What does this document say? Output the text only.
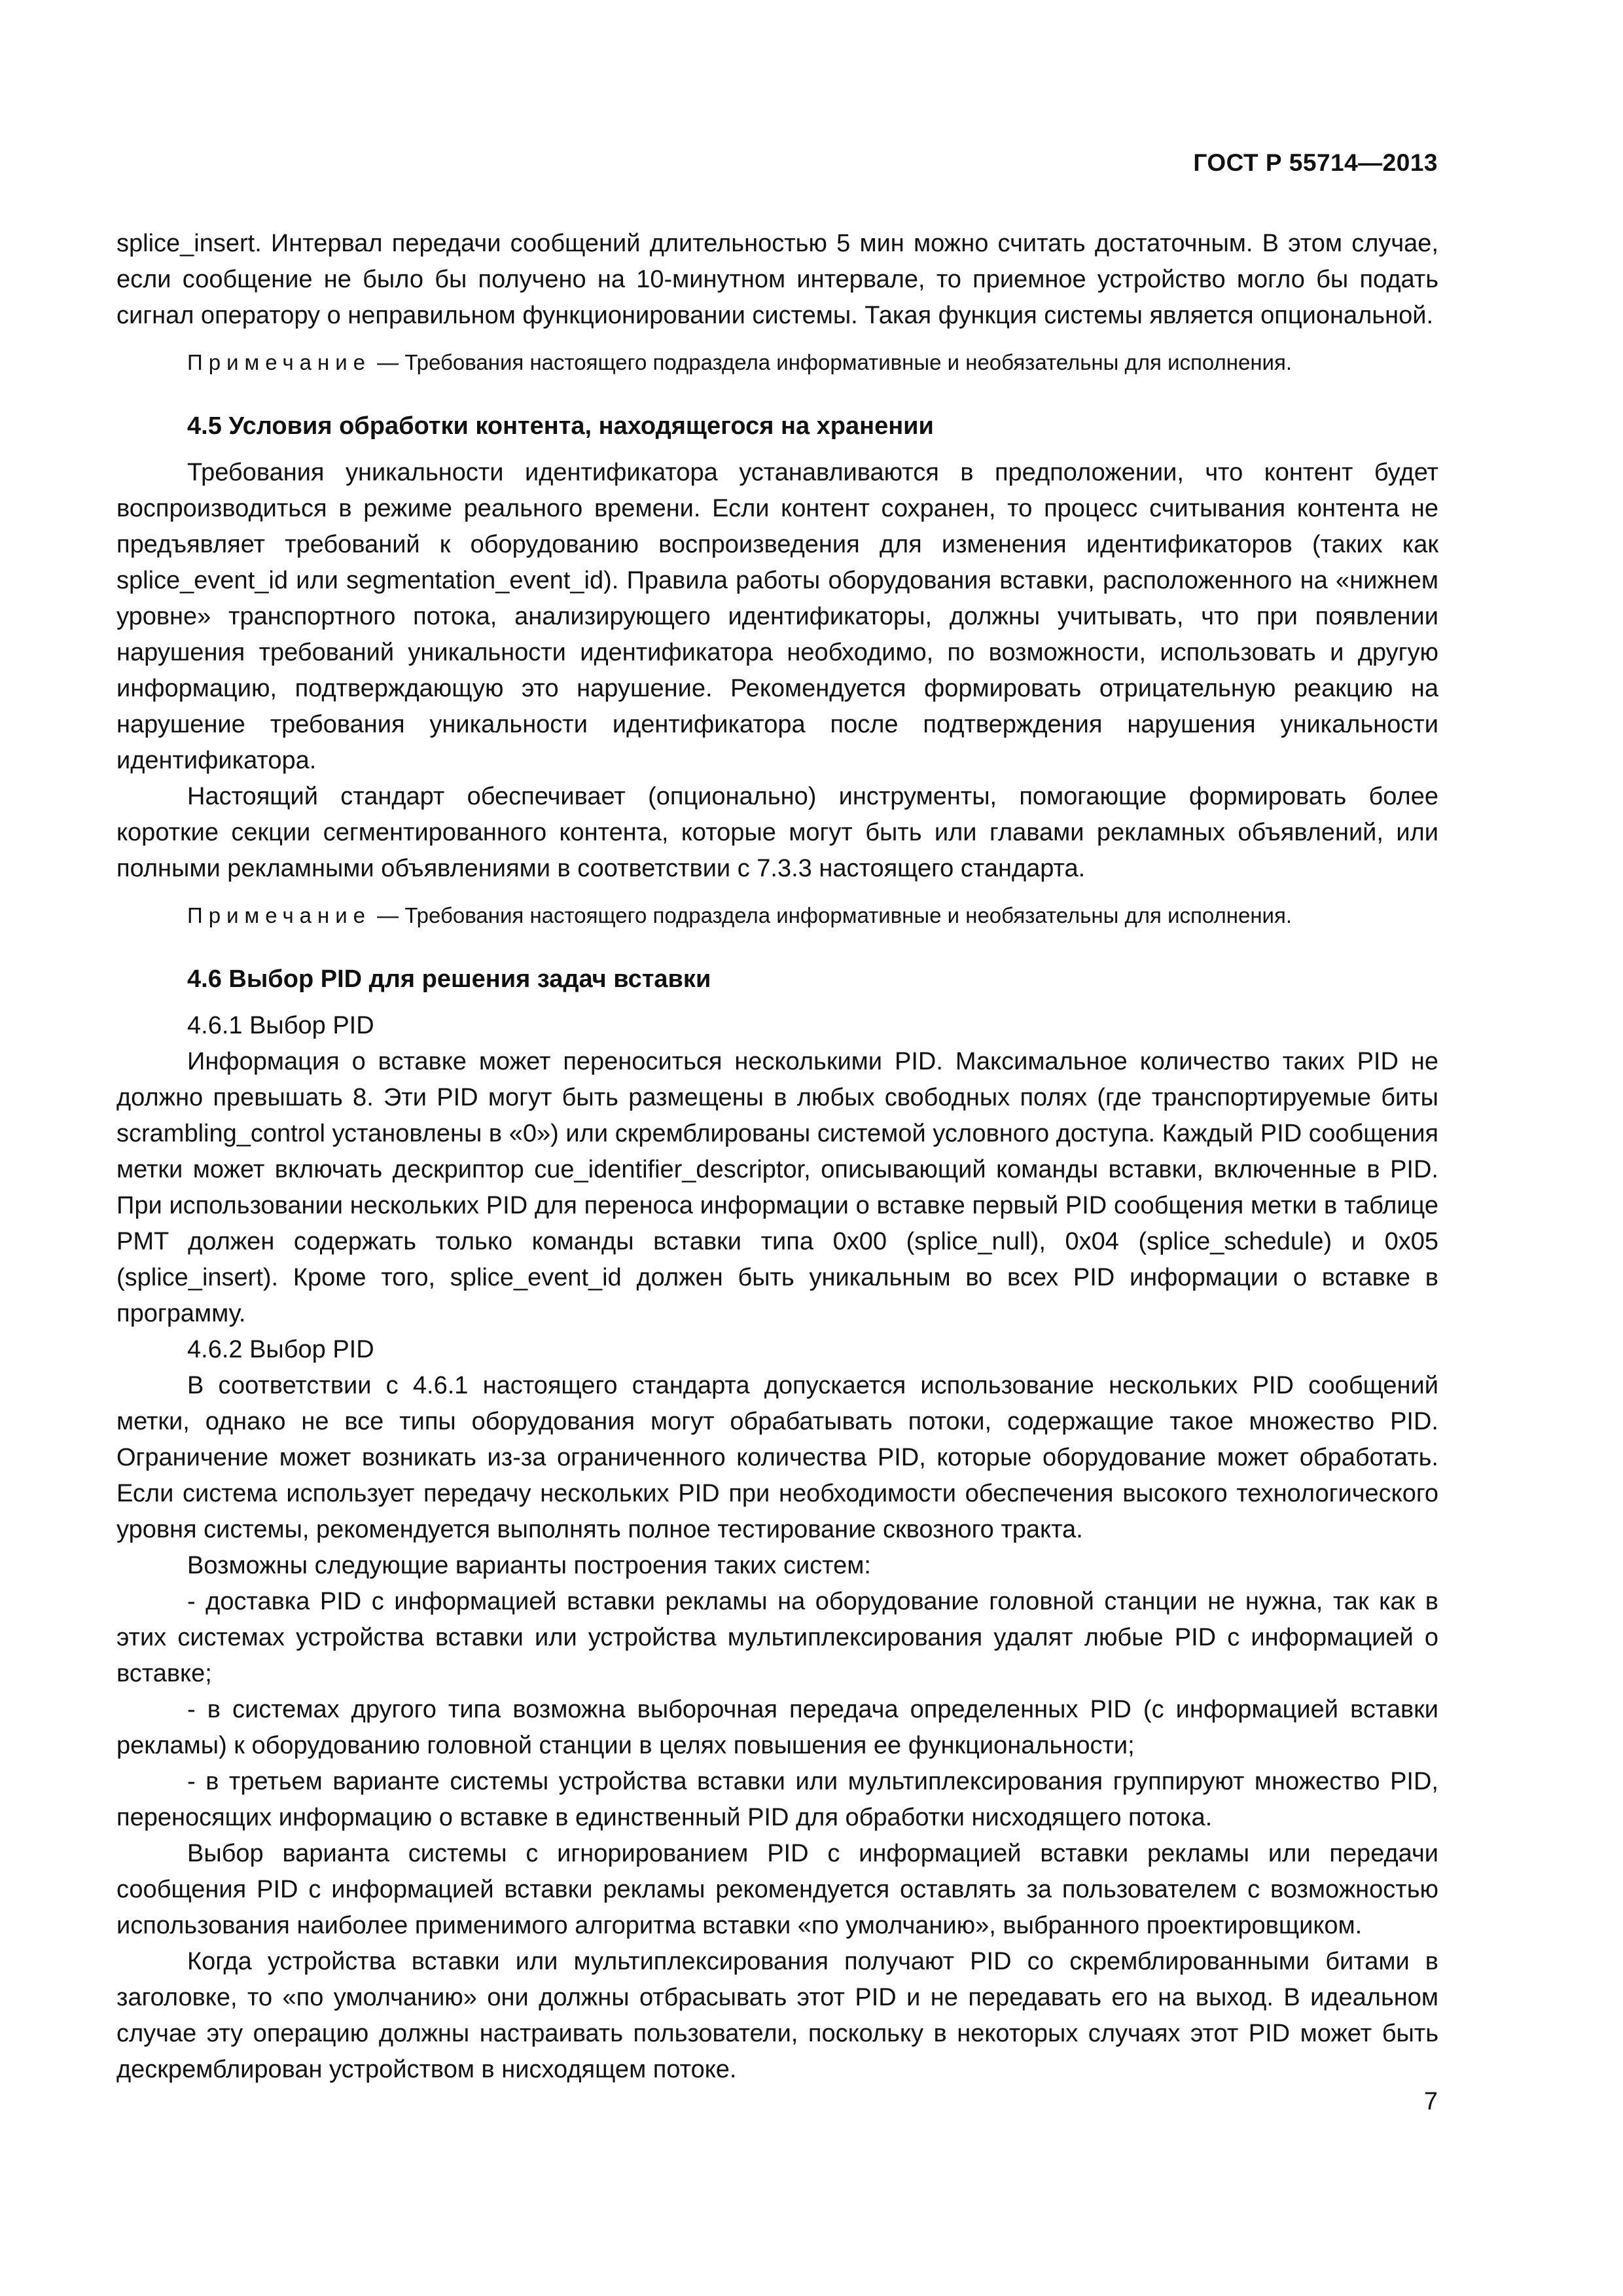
ГОСТ Р 55714—2013

splice_insert. Интервал передачи сообщений длительностью 5 мин можно считать достаточным. В этом случае, если сообщение не было бы получено на 10-минутном интервале, то приемное устройство могло бы подать сигнал оператору о неправильном функционировании системы. Такая функция системы является опциональной.

Примечание — Требования настоящего подраздела информативные и необязательны для исполнения.

4.5 Условия обработки контента, находящегося на хранении

Требования уникальности идентификатора устанавливаются в предположении, что контент будет воспроизводиться в режиме реального времени. Если контент сохранен, то процесс считывания контента не предъявляет требований к оборудованию воспроизведения для изменения идентификаторов (таких как splice_event_id или segmentation_event_id). Правила работы оборудования вставки, расположенного на «нижнем уровне» транспортного потока, анализирующего идентификаторы, должны учитывать, что при появлении нарушения требований уникальности идентификатора необходимо, по возможности, использовать и другую информацию, подтверждающую это нарушение. Рекомендуется формировать отрицательную реакцию на нарушение требования уникальности идентификатора после подтверждения нарушения уникальности идентификатора.

Настоящий стандарт обеспечивает (опционально) инструменты, помогающие формировать более короткие секции сегментированного контента, которые могут быть или главами рекламных объявлений, или полными рекламными объявлениями в соответствии с 7.3.3 настоящего стандарта.

Примечание — Требования настоящего подраздела информативные и необязательны для исполнения.

4.6 Выбор PID для решения задач вставки

4.6.1 Выбор PID

Информация о вставке может переноситься несколькими PID. Максимальное количество таких PID не должно превышать 8. Эти PID могут быть размещены в любых свободных полях (где транспортируемые биты scrambling_control установлены в «0») или скремблированы системой условного доступа. Каждый PID сообщения метки может включать дескриптор cue_identifier_descriptor, описывающий команды вставки, включенные в PID. При использовании нескольких PID для переноса информации о вставке первый PID сообщения метки в таблице PMT должен содержать только команды вставки типа 0x00 (splice_null), 0x04 (splice_schedule) и 0x05 (splice_insert). Кроме того, splice_event_id должен быть уникальным во всех PID информации о вставке в программу.

4.6.2 Выбор PID

В соответствии с 4.6.1 настоящего стандарта допускается использование нескольких PID сообщений метки, однако не все типы оборудования могут обрабатывать потоки, содержащие такое множество PID. Ограничение может возникать из-за ограниченного количества PID, которые оборудование может обработать. Если система использует передачу нескольких PID при необходимости обеспечения высокого технологического уровня системы, рекомендуется выполнять полное тестирование сквозного тракта.

Возможны следующие варианты построения таких систем:

- доставка PID с информацией вставки рекламы на оборудование головной станции не нужна, так как в этих системах устройства вставки или устройства мультиплексирования удалят любые PID с информацией о вставке;

- в системах другого типа возможна выборочная передача определенных PID (с информацией вставки рекламы) к оборудованию головной станции в целях повышения ее функциональности;

- в третьем варианте системы устройства вставки или мультиплексирования группируют множество PID, переносящих информацию о вставке в единственный PID для обработки нисходящего потока.

Выбор варианта системы с игнорированием PID с информацией вставки рекламы или передачи сообщения PID с информацией вставки рекламы рекомендуется оставлять за пользователем с возможностью использования наиболее применимого алгоритма вставки «по умолчанию», выбранного проектировщиком.

Когда устройства вставки или мультиплексирования получают PID со скремблированными битами в заголовке, то «по умолчанию» они должны отбрасывать этот PID и не передавать его на выход. В идеальном случае эту операцию должны настраивать пользователи, поскольку в некоторых случаях этот PID может быть дескремблирован устройством в нисходящем потоке.

7
